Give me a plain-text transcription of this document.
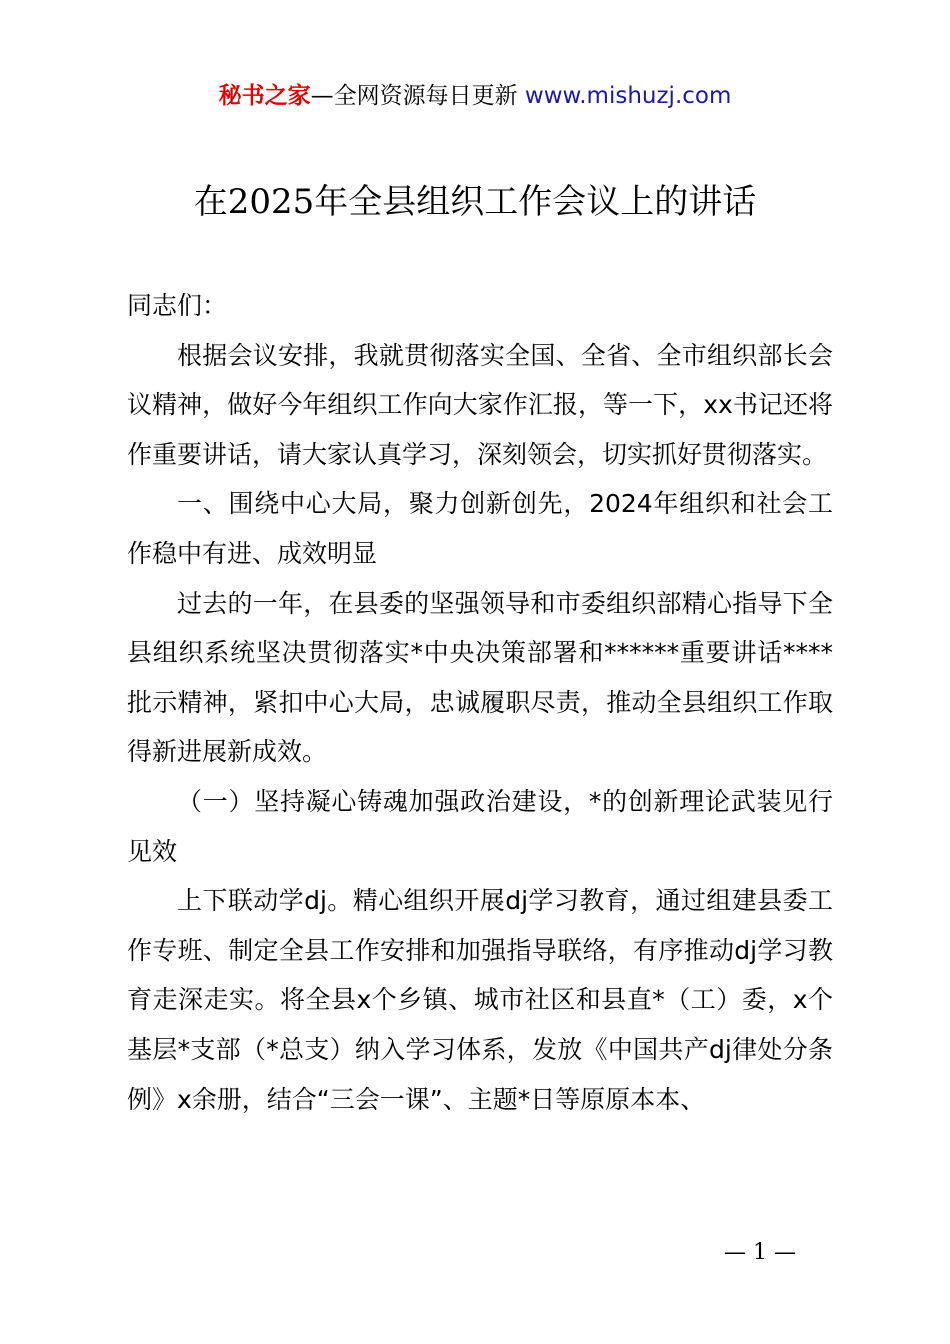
秘书之家—全网资源每日更新 www.mishuzj.com
在2025年全县组织工作会议上的讲话

同志们：

根据会议安排，我就贯彻落实全国、全省、全市组织部长会议精神，做好今年组织工作向大家作汇报，等一下，xx书记还将作重要讲话，请大家认真学习，深刻领会，切实抓好贯彻落实。

一、围绕中心大局，聚力创新创先，2024年组织和社会工作稳中有进、成效明显

过去的一年，在县委的坚强领导和市委组织部精心指导下全县组织系统坚决贯彻落实*中央决策部署和******重要讲话****批示精神，紧扣中心大局，忠诚履职尽责，推动全县组织工作取得新进展新成效。

（一）坚持凝心铸魂加强政治建设，*的创新理论武装见行见效

上下联动学dj。精心组织开展dj学习教育，通过组建县委工作专班、制定全县工作安排和加强指导联络，有序推动dj学习教育走深走实。将全县x个乡镇、城市社区和县直*（工）委，x个基层*支部（*总支）纳入学习体系，发放《中国共产dj律处分条例》x余册，结合“三会一课”、主题*日等原原本本、

— 1 —
